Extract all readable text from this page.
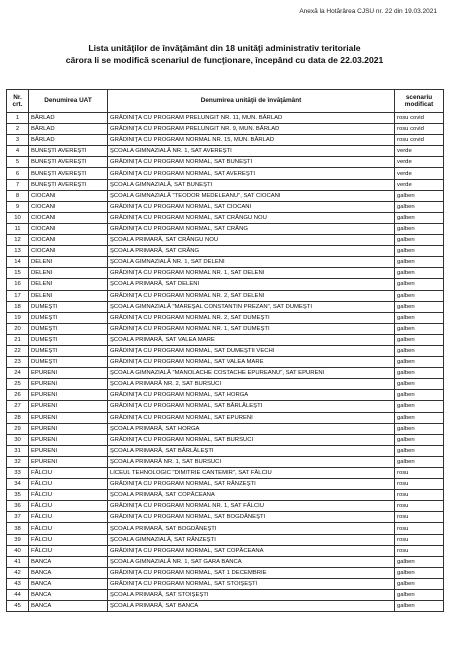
Anexă la Hotărârea CJSU nr. 22 din 19.03.2021
Lista unităţilor de învăţământ din 18 unităţi administrativ teritoriale
cărora li se modifică scenariul de funcţionare, începând cu data de 22.03.2021
Nr. crt.	Denumirea UAT	Denumirea unităţii de învăţământ	scenariu modificat
1	BÂRLAD	GRĂDINIŢA CU PROGRAM PRELUNGIT NR. 11, MUN. BÂRLAD	rosu covid
2	BÂRLAD	GRĂDINIŢA CU PROGRAM PRELUNGIT NR. 9, MUN. BÂRLAD	rosu covid
3	BÂRLAD	GRĂDINIŢA CU PROGRAM NORMAL NR. 15, MUN. BÂRLAD	rosu covid
4	BUNEŞTI AVEREŞTI	ŞCOALA GIMNAZIALĂ NR. 1, SAT AVEREŞTI	verde
5	BUNEŞTI AVEREŞTI	GRĂDINIŢA CU PROGRAM NORMAL, SAT BUNEŞTI	verde
6	BUNEŞTI AVEREŞTI	GRĂDINIŢA CU PROGRAM NORMAL, SAT AVEREŞTI	verde
7	BUNEŞTI AVEREŞTI	ŞCOALA GIMNAZIALĂ, SAT BUNEŞTI	verde
8	CIOCANI	ŞCOALA GIMNAZIALĂ "TEODOR MEDELEANU", SAT CIOCANI	galben
9	CIOCANI	GRĂDINIŢA CU PROGRAM NORMAL, SAT CIOCANI	galben
10	CIOCANI	GRĂDINIŢA CU PROGRAM NORMAL, SAT CRÂNGU NOU	galben
11	CIOCANI	GRĂDINIŢA CU PROGRAM NORMAL, SAT CRÂNG	galben
12	CIOCANI	ŞCOALA PRIMARĂ, SAT CRÂNGU NOU	galben
13	CIOCANI	ŞCOALA PRIMARĂ, SAT CRÂNG	galben
14	DELENI	ŞCOALA GIMNAZIALĂ NR. 1, SAT DELENI	galben
15	DELENI	GRĂDINIŢA CU PROGRAM NORMAL NR. 1, SAT DELENI	galben
16	DELENI	ŞCOALA PRIMARĂ, SAT DELENI	galben
17	DELENI	GRĂDINIŢA CU PROGRAM NORMAL NR. 2, SAT DELENI	galben
18	DUMEŞTI	ŞCOALA GIMNAZIALĂ "MAREŞAL CONSTANTIN PREZAN", SAT DUMEŞTI	galben
19	DUMEŞTI	GRĂDINIŢA CU PROGRAM NORMAL NR. 2, SAT DUMEŞTI	galben
20	DUMEŞTI	GRĂDINIŢA CU PROGRAM NORMAL NR. 1, SAT DUMEŞTI	galben
21	DUMEŞTI	ŞCOALA PRIMARĂ, SAT VALEA MARE	galben
22	DUMEŞTI	GRĂDINIŢA CU PROGRAM NORMAL, SAT DUMEŞTII VECHI	galben
23	DUMEŞTI	GRĂDINIŢA CU PROGRAM NORMAL, SAT VALEA MARE	galben
24	EPURENI	ŞCOALA GIMNAZIALĂ "MANOLACHE COSTACHE EPUREANU", SAT EPURENI	galben
25	EPURENI	ŞCOALA PRIMARĂ NR. 2, SAT BURSUCI	galben
26	EPURENI	GRĂDINIŢA CU PROGRAM NORMAL, SAT HORGA	galben
27	EPURENI	GRĂDINIŢA CU PROGRAM NORMAL, SAT BÂRLĂLEŞTI	galben
28	EPURENI	GRĂDINIŢA CU PROGRAM NORMAL, SAT EPURENI	galben
29	EPURENI	ŞCOALA PRIMARĂ, SAT HORGA	galben
30	EPURENI	GRĂDINIŢA CU PROGRAM NORMAL, SAT BURSUCI	galben
31	EPURENI	ŞCOALA PRIMARĂ, SAT BÂRLĂLEŞTI	galben
32	EPURENI	ŞCOALA PRIMARĂ NR. 1, SAT BURSUCI	galben
33	FĂLCIU	LICEUL TEHNOLOGIC "DIMITRIE CANTEMIR", SAT FĂLCIU	rosu
34	FĂLCIU	GRĂDINIŢA CU PROGRAM NORMAL, SAT RÂNZEŞTI	rosu
35	FĂLCIU	ŞCOALA PRIMARĂ, SAT COPĂCEANA	rosu
36	FĂLCIU	GRĂDINIŢA CU PROGRAM NORMAL NR. 1, SAT FĂLCIU	rosu
37	FĂLCIU	GRĂDINIŢA CU PROGRAM NORMAL, SAT BOGDĂNEŞTI	rosu
38	FĂLCIU	ŞCOALA PRIMARĂ, SAT BOGDĂNEŞTI	rosu
39	FĂLCIU	ŞCOALA GIMNAZIALĂ, SAT RÂNZEŞTI	rosu
40	FĂLCIU	GRĂDINIŢA CU PROGRAM NORMAL, SAT COPĂCEANA	rosu
41	BANCA	ŞCOALA GIMNAZIALĂ NR. 1, SAT GARA BANCA	galben
42	BANCA	GRĂDINIŢA CU PROGRAM NORMAL, SAT 1 DECEMBRIE	galben
43	BANCA	GRĂDINIŢA CU PROGRAM NORMAL, SAT STOIŞEŞTI	galben
44	BANCA	ŞCOALA PRIMARĂ, SAT STOIŞEŞTI	galben
45	BANCA	ŞCOALA PRIMARĂ, SAT BANCA	galben
